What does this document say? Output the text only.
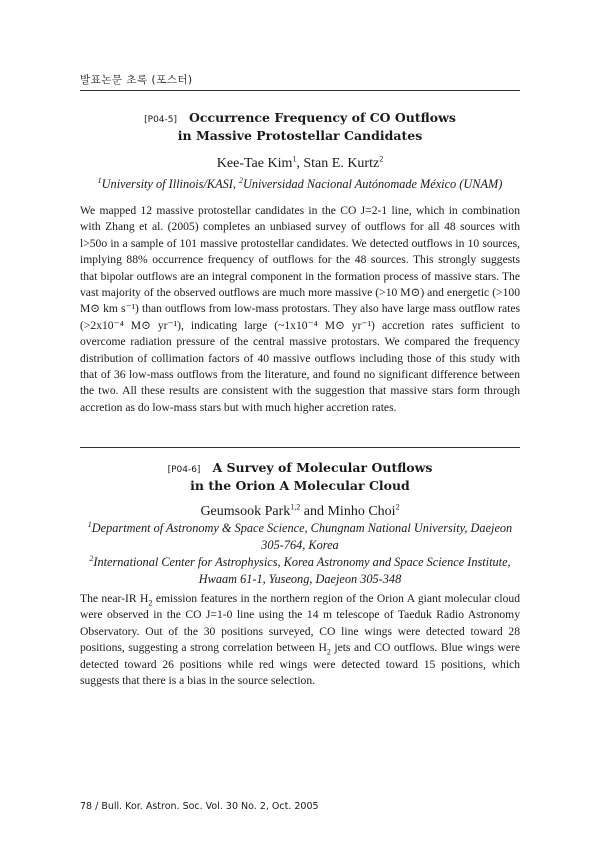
발표논문 초록 (포스터)
[P04-5] Occurrence Frequency of CO Outflows
in Massive Protostellar Candidates
Kee-Tae Kim$^1$, Stan E. Kurtz$^2$

$^1$University of Illinois/KASI, $^2$Universidad Nacional Autónomade México (UNAM)

We mapped 12 massive protostellar candidates in the CO J=2-1 line, which in combination with Zhang et al. (2005) completes an unbiased survey of outflows for all 48 sources with l>50o in a sample of 101 massive protostellar candidates. We detected outflows in 10 sources, implying 88% occurrence frequency of outflows for the 48 sources. This strongly suggests that bipolar outflows are an integral component in the formation process of massive stars. The vast majority of the observed outflows are much more massive (>10 M⊙) and energetic (>100 M⊙ km s⁻¹) than outflows from low-mass protostars. They also have large mass outflow rates (>2x10⁻⁴ M⊙ yr⁻¹), indicating large (~1x10⁻⁴ M⊙ yr⁻¹) accretion rates sufficient to overcome radiation pressure of the central massive protostars. We compared the frequency distribution of collimation factors of 40 massive outflows including those of this study with that of 36 low-mass outflows from the literature, and found no significant difference between the two. All these results are consistent with the suggestion that massive stars form through accretion as do low-mass stars but with much higher accretion rates.

[P04-6] A Survey of Molecular Outflows
in the Orion A Molecular Cloud
Geumsook Park$^{1,2}$ and Minho Choi$^2$

$^1$Department of Astronomy & Space Science, Chungnam National University, Daejeon

305-764, Korea

$^2$International Center for Astrophysics, Korea Astronomy and Space Science Institute,

Hwaam 61-1, Yuseong, Daejeon 305-348

The near-IR $H_2$ emission features in the northern region of the Orion A giant molecular cloud were observed in the CO J=1-0 line using the 14 m telescope of Taeduk Radio Astronomy Observatory. Out of the 30 positions surveyed, CO line wings were detected toward 28 positions, suggesting a strong correlation between $H_2$ jets and CO outflows. Blue wings were detected toward 26 positions while red wings were detected toward 15 positions, which suggests that there is a bias in the source selection.

78 / Bull. Kor. Astron. Soc. Vol. 30 No. 2, Oct. 2005
